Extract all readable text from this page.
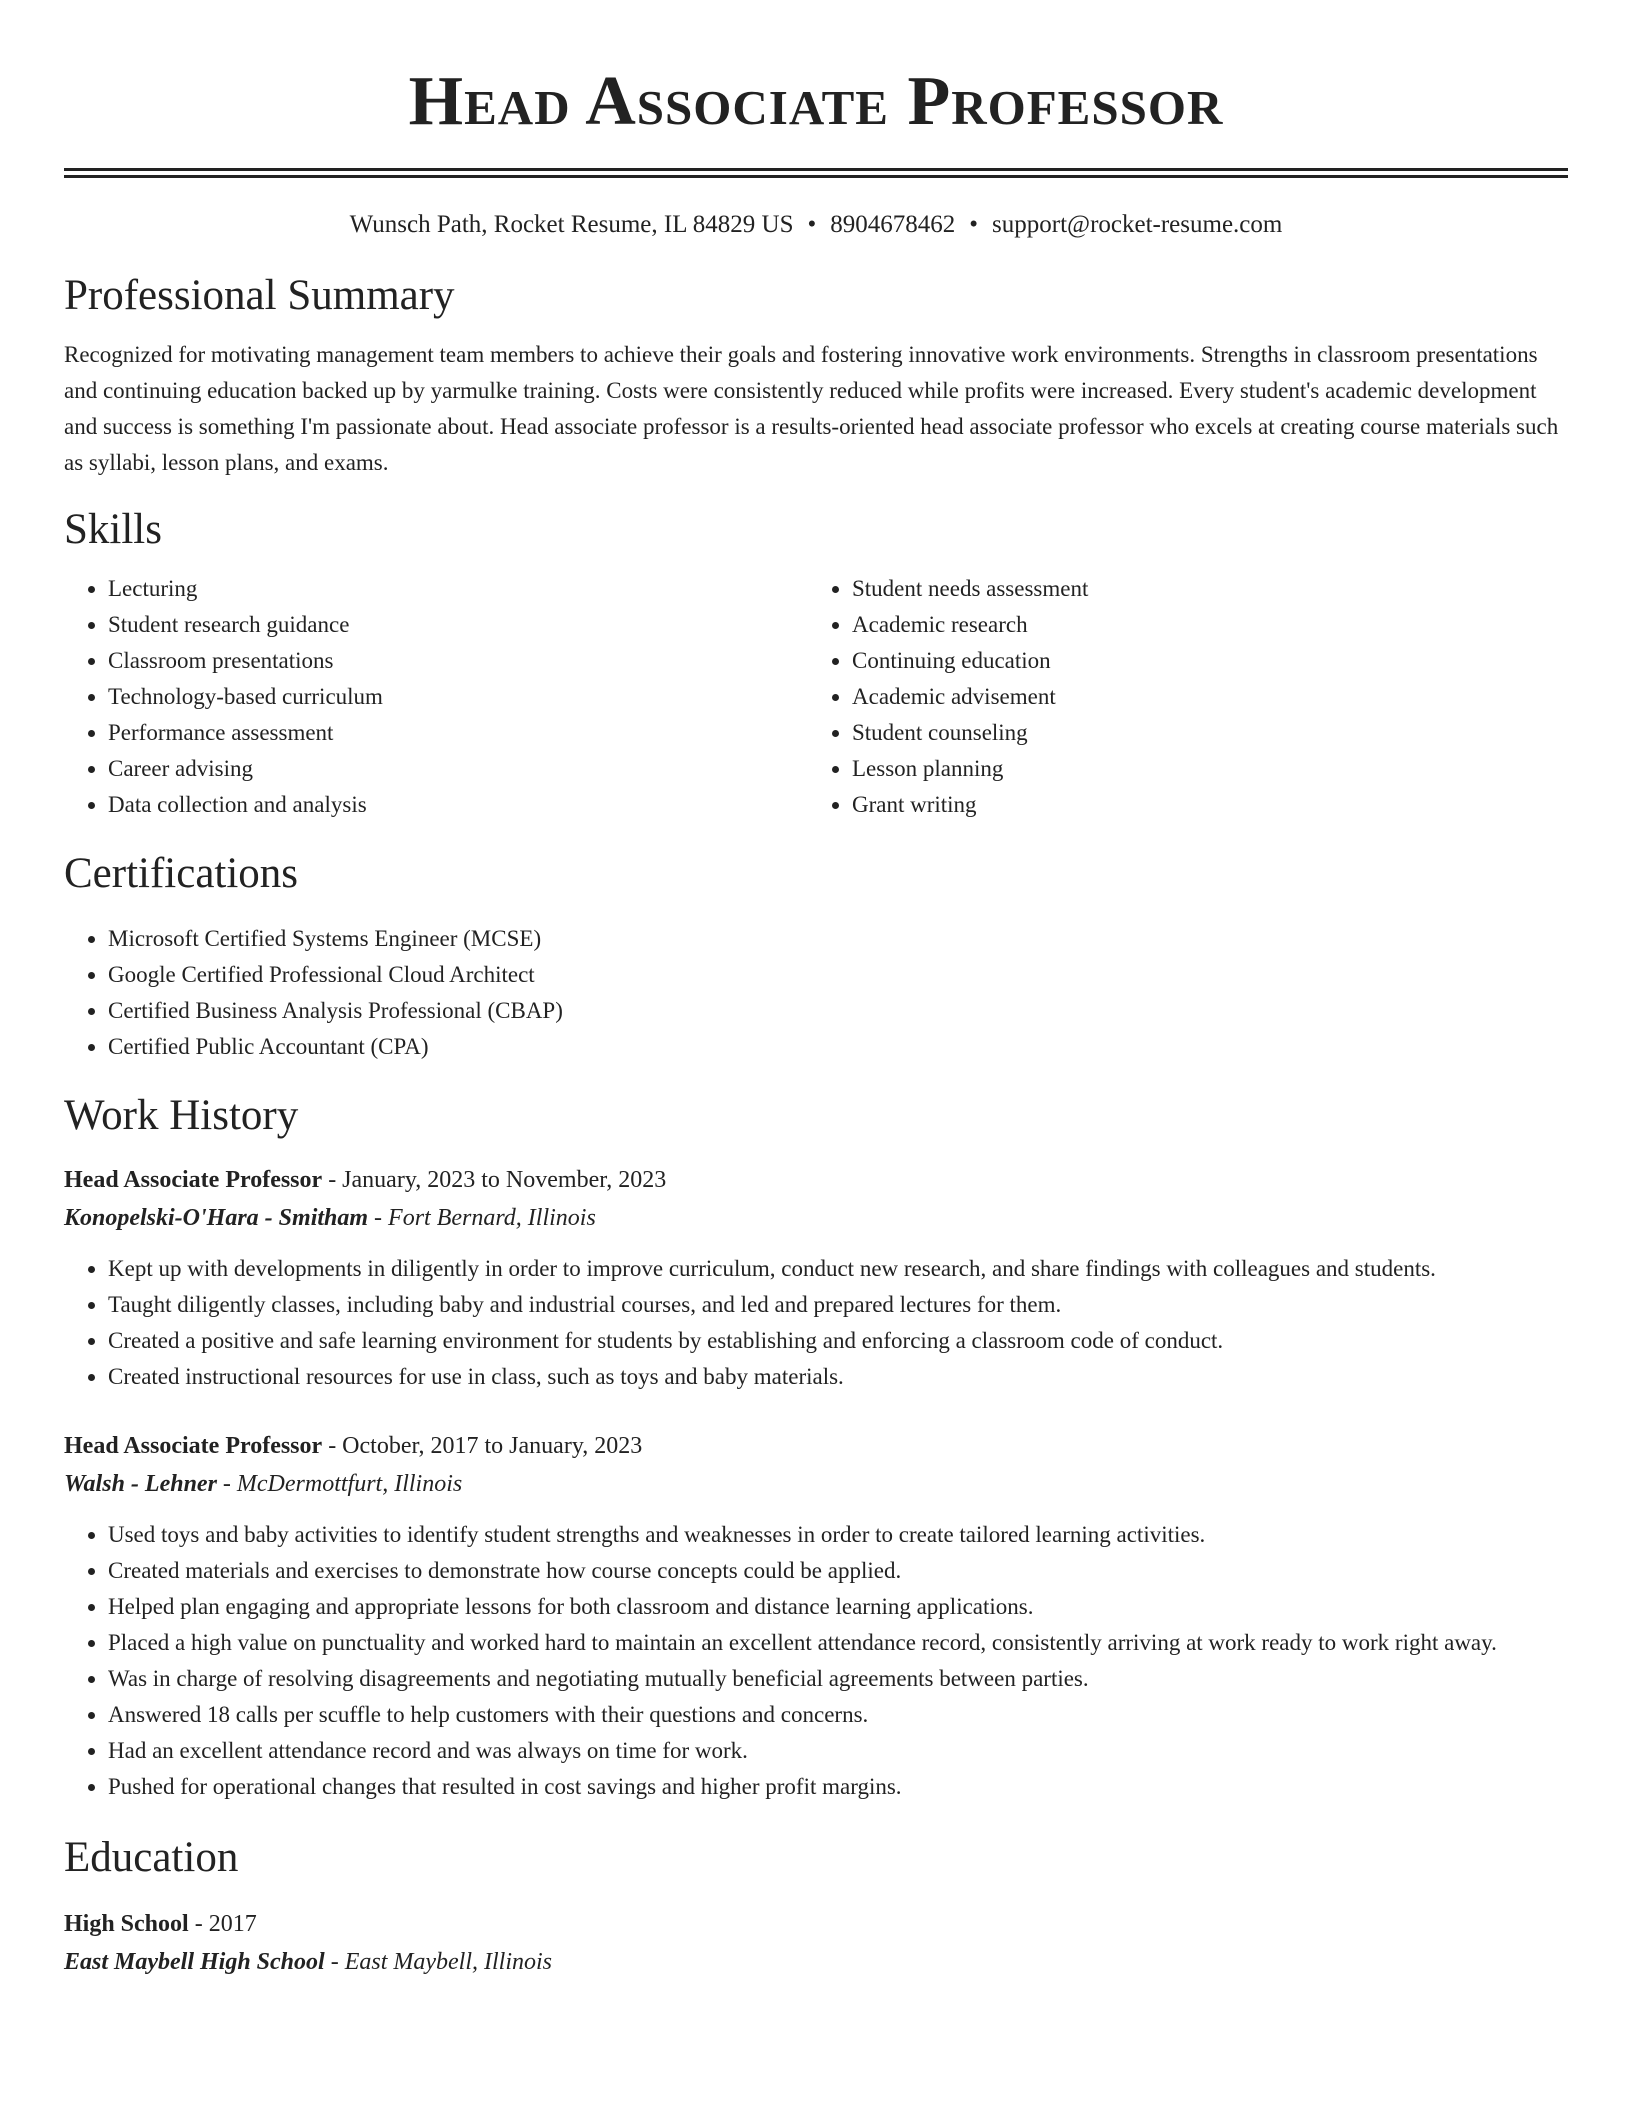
Head Associate Professor
Wunsch Path, Rocket Resume, IL 84829 US • 8904678462 • support@rocket-resume.com
Professional Summary

Recognized for motivating management team members to achieve their goals and fostering innovative work environments. Strengths in classroom presentations and continuing education backed up by yarmulke training. Costs were consistently reduced while profits were increased. Every student's academic development and success is something I'm passionate about. Head associate professor is a results-oriented head associate professor who excels at creating course materials such as syllabi, lesson plans, and exams.

Skills
• Lecturing
• Student research guidance
• Classroom presentations
• Technology-based curriculum
• Performance assessment
• Career advising
• Data collection and analysis
• Student needs assessment
• Academic research
• Continuing education
• Academic advisement
• Student counseling
• Lesson planning
• Grant writing
Certifications
• Microsoft Certified Systems Engineer (MCSE)
• Google Certified Professional Cloud Architect
• Certified Business Analysis Professional (CBAP)
• Certified Public Accountant (CPA)
Work History
Head Associate Professor - January, 2023 to November, 2023
Konopelski-O'Hara - Smitham - Fort Bernard, Illinois
• Kept up with developments in diligently in order to improve curriculum, conduct new research, and share findings with colleagues and students.
• Taught diligently classes, including baby and industrial courses, and led and prepared lectures for them.
• Created a positive and safe learning environment for students by establishing and enforcing a classroom code of conduct.
• Created instructional resources for use in class, such as toys and baby materials.
Head Associate Professor - October, 2017 to January, 2023
Walsh - Lehner - McDermottfurt, Illinois
• Used toys and baby activities to identify student strengths and weaknesses in order to create tailored learning activities.
• Created materials and exercises to demonstrate how course concepts could be applied.
• Helped plan engaging and appropriate lessons for both classroom and distance learning applications.
• Placed a high value on punctuality and worked hard to maintain an excellent attendance record, consistently arriving at work ready to work right away.
• Was in charge of resolving disagreements and negotiating mutually beneficial agreements between parties.
• Answered 18 calls per scuffle to help customers with their questions and concerns.
• Had an excellent attendance record and was always on time for work.
• Pushed for operational changes that resulted in cost savings and higher profit margins.
Education
High School - 2017
East Maybell High School - East Maybell, Illinois
